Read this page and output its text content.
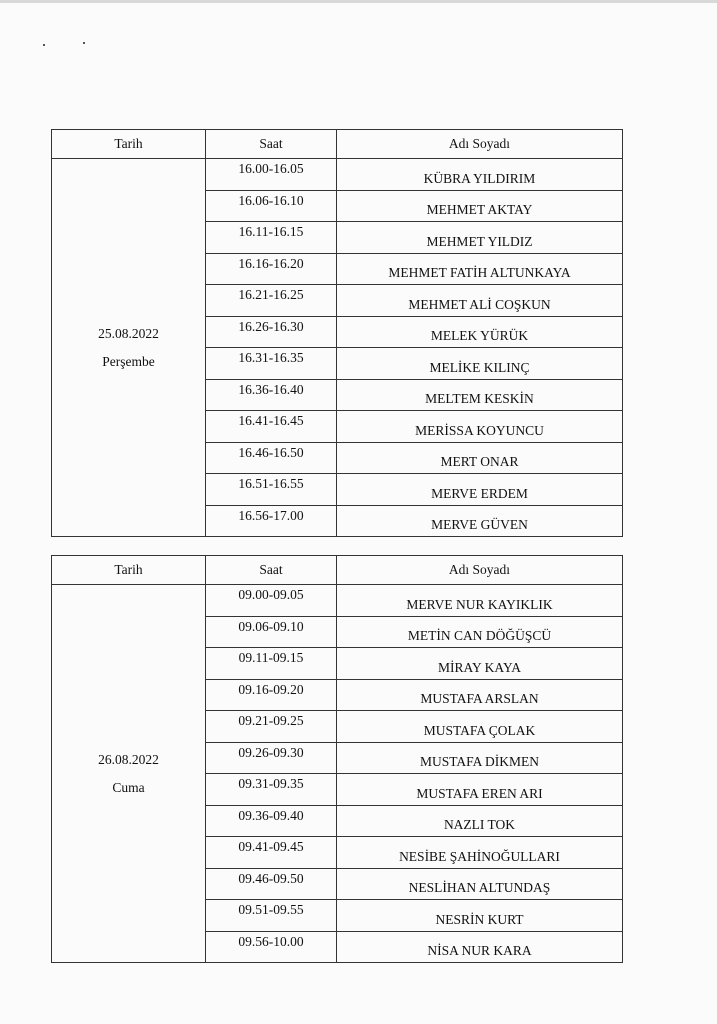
Tarih	Saat	Adı Soyadı

25.08.2022
Perşembe	16.00-16.05	KÜBRA YILDIRIM
	16.06-16.10	MEHMET AKTAY
	16.11-16.15	MEHMET YILDIZ
	16.16-16.20	MEHMET FATİH ALTUNKAYA
	16.21-16.25	MEHMET ALİ COŞKUN
	16.26-16.30	MELEK YÜRÜK
	16.31-16.35	MELİKE KILINÇ
	16.36-16.40	MELTEM KESKİN
	16.41-16.45	MERİSSA KOYUNCU
	16.46-16.50	MERT ONAR
	16.51-16.55	MERVE ERDEM
	16.56-17.00	MERVE GÜVEN
Tarih	Saat	Adı Soyadı

26.08.2022
Cuma	09.00-09.05	MERVE NUR KAYIKLIK
	09.06-09.10	METİN CAN DÖĞÜŞCÜ
	09.11-09.15	MİRAY KAYA
	09.16-09.20	MUSTAFA ARSLAN
	09.21-09.25	MUSTAFA ÇOLAK
	09.26-09.30	MUSTAFA DİKMEN
	09.31-09.35	MUSTAFA EREN ARI
	09.36-09.40	NAZLI TOK
	09.41-09.45	NESİBE ŞAHİNOĞULLARI
	09.46-09.50	NESLİHAN ALTUNDAŞ
	09.51-09.55	NESRİN KURT
	09.56-10.00	NİSA NUR KARA
